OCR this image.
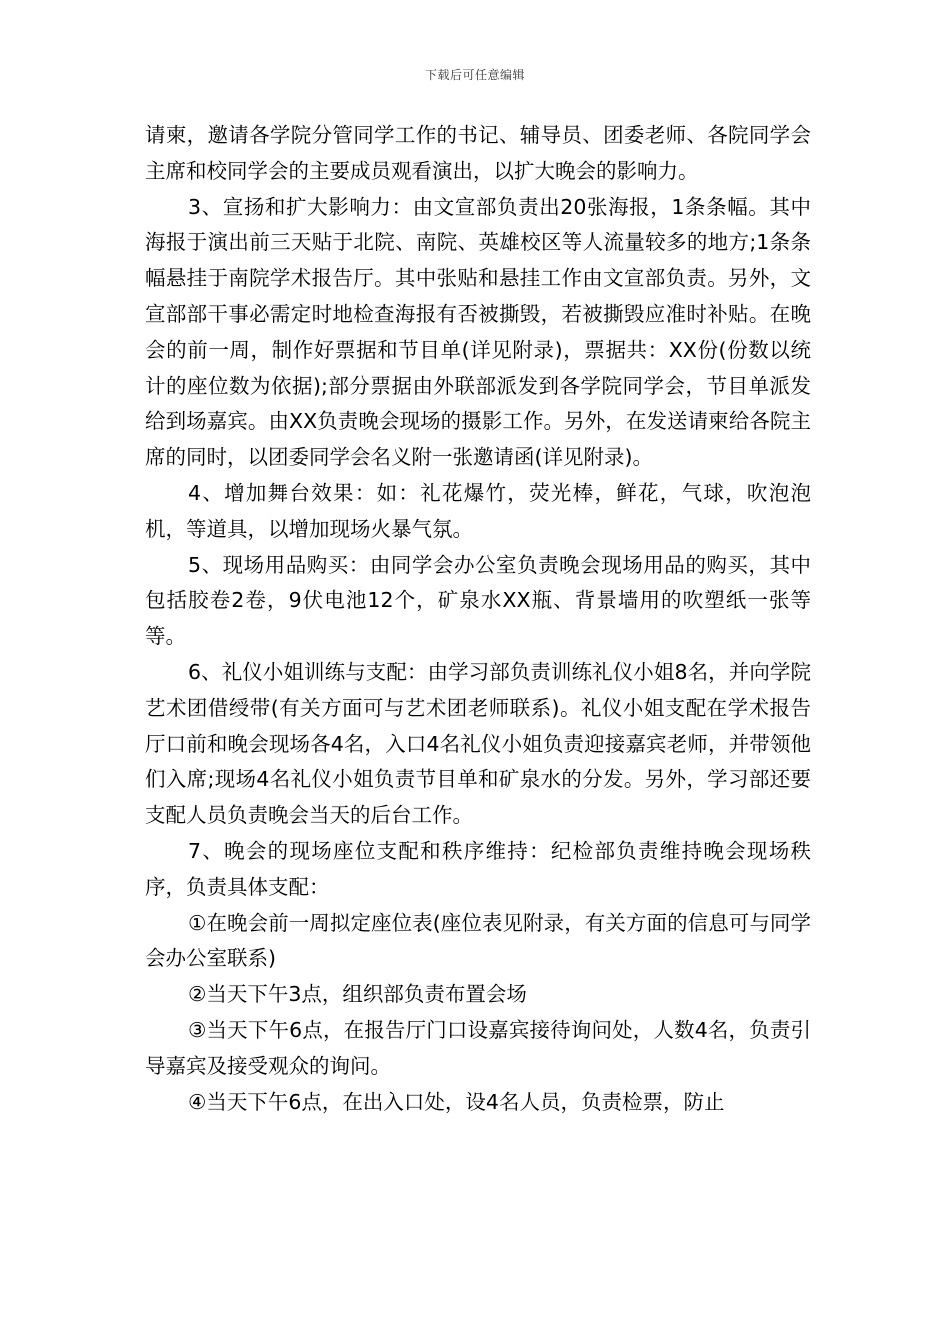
下载后可任意编辑

请柬，邀请各学院分管同学工作的书记、辅导员、团委老师、各院同学会主席和校同学会的主要成员观看演出，以扩大晚会的影响力。

3、宣扬和扩大影响力：由文宣部负责出20张海报，1条条幅。其中海报于演出前三天贴于北院、南院、英雄校区等人流量较多的地方;1条条幅悬挂于南院学术报告厅。其中张贴和悬挂工作由文宣部负责。另外，文宣部部干事必需定时地检查海报有否被撕毁，若被撕毁应准时补贴。在晚会的前一周，制作好票据和节目单(详见附录)，票据共：XX份(份数以统计的座位数为依据);部分票据由外联部派发到各学院同学会，节目单派发给到场嘉宾。由XX负责晚会现场的摄影工作。另外，在发送请柬给各院主席的同时，以团委同学会名义附一张邀请函(详见附录)。

4、增加舞台效果：如：礼花爆竹，荧光棒，鲜花，气球，吹泡泡机，等道具，以增加现场火暴气氛。

5、现场用品购买：由同学会办公室负责晚会现场用品的购买，其中包括胶卷2卷，9伏电池12个，矿泉水XX瓶、背景墙用的吹塑纸一张等等。

6、礼仪小姐训练与支配：由学习部负责训练礼仪小姐8名，并向学院艺术团借绶带(有关方面可与艺术团老师联系)。礼仪小姐支配在学术报告厅口前和晚会现场各4名，入口4名礼仪小姐负责迎接嘉宾老师，并带领他们入席;现场4名礼仪小姐负责节目单和矿泉水的分发。另外，学习部还要支配人员负责晚会当天的后台工作。

7、晚会的现场座位支配和秩序维持：纪检部负责维持晚会现场秩序，负责具体支配：

①在晚会前一周拟定座位表(座位表见附录，有关方面的信息可与同学会办公室联系)

②当天下午3点，组织部负责布置会场

③当天下午6点，在报告厅门口设嘉宾接待询问处，人数4名，负责引导嘉宾及接受观众的询问。

④当天下午6点，在出入口处，设4名人员，负责检票，防止
